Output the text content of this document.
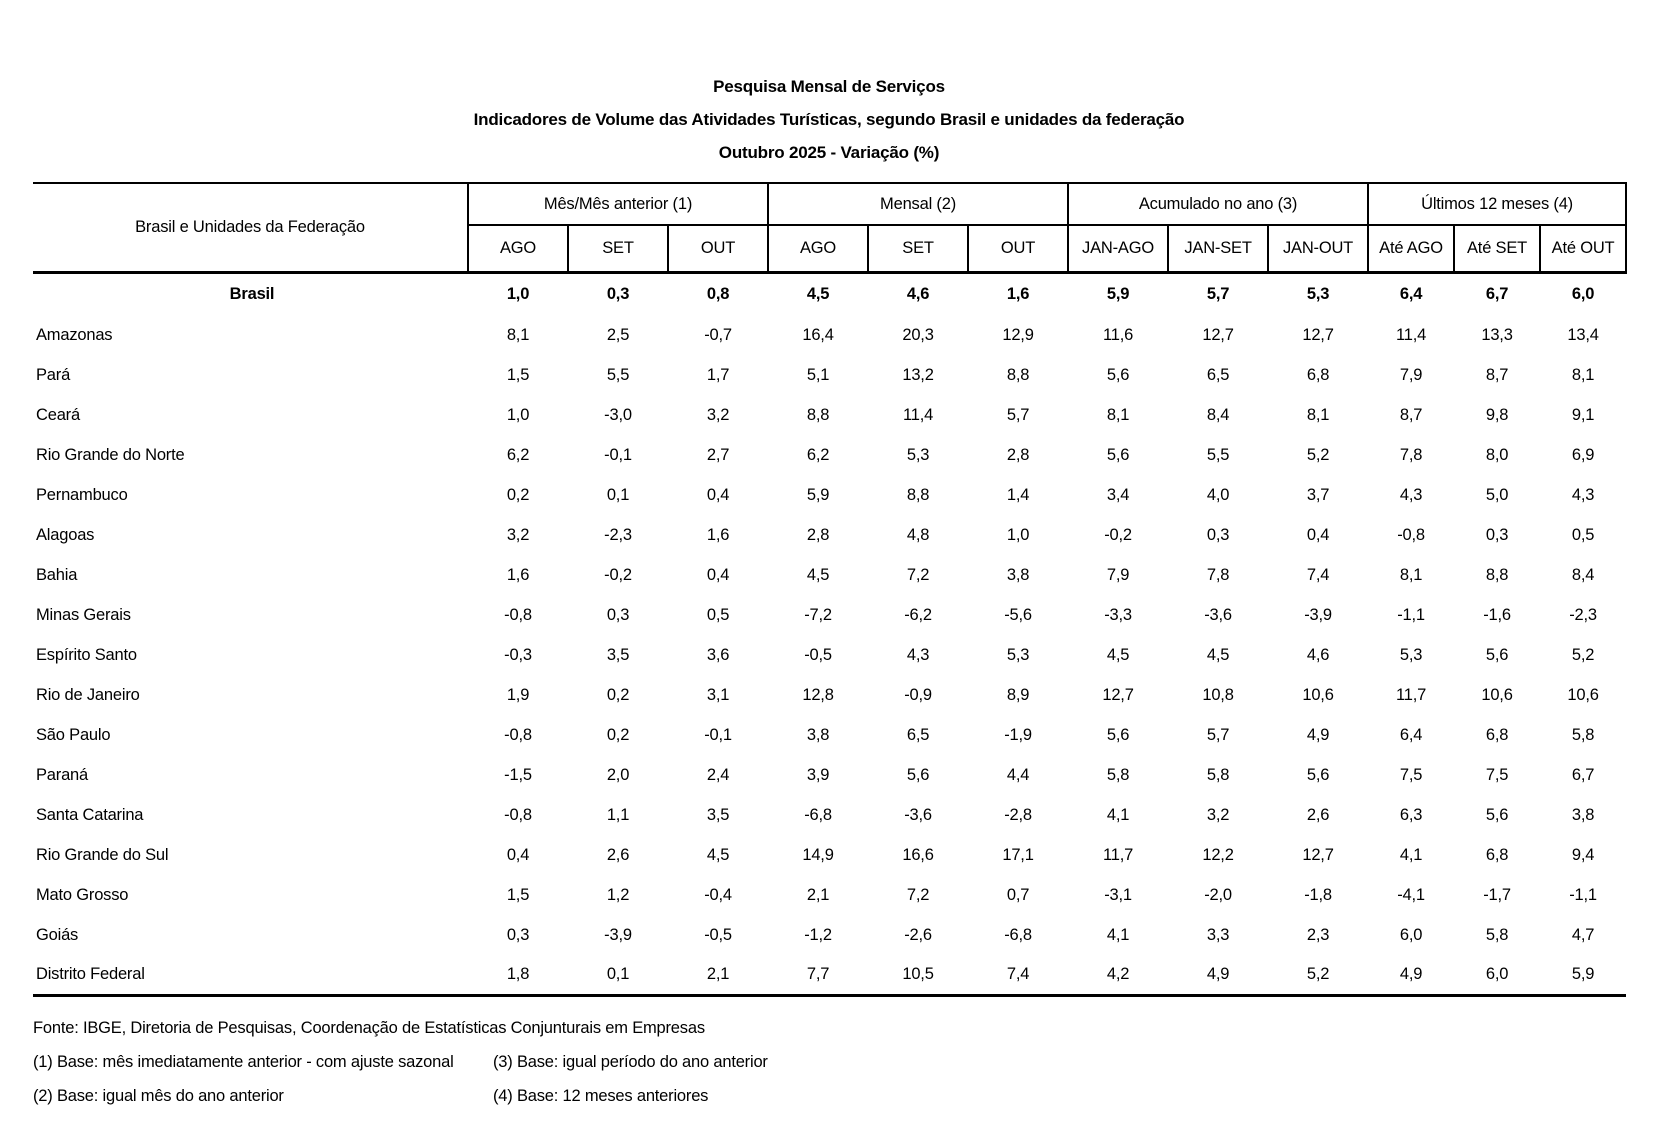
Pesquisa Mensal de Serviços
Indicadores de Volume das Atividades Turísticas, segundo Brasil e unidades da federação
Outubro 2025 - Variação (%)
Brasil e Unidades da Federação	Mês/Mês anterior (1)			Mensal (2)			Acumulado no ano (3)			Últimos 12 meses (4)		
	AGO	SET	OUT	AGO	SET	OUT	JAN-AGO	JAN-SET	JAN-OUT	Até AGO	Até SET	Até OUT
Brasil	1,0	0,3	0,8	4,5	4,6	1,6	5,9	5,7	5,3	6,4	6,7	6,0
Amazonas	8,1	2,5	-0,7	16,4	20,3	12,9	11,6	12,7	12,7	11,4	13,3	13,4
Pará	1,5	5,5	1,7	5,1	13,2	8,8	5,6	6,5	6,8	7,9	8,7	8,1
Ceará	1,0	-3,0	3,2	8,8	11,4	5,7	8,1	8,4	8,1	8,7	9,8	9,1
Rio Grande do Norte	6,2	-0,1	2,7	6,2	5,3	2,8	5,6	5,5	5,2	7,8	8,0	6,9
Pernambuco	0,2	0,1	0,4	5,9	8,8	1,4	3,4	4,0	3,7	4,3	5,0	4,3
Alagoas	3,2	-2,3	1,6	2,8	4,8	1,0	-0,2	0,3	0,4	-0,8	0,3	0,5
Bahia	1,6	-0,2	0,4	4,5	7,2	3,8	7,9	7,8	7,4	8,1	8,8	8,4
Minas Gerais	-0,8	0,3	0,5	-7,2	-6,2	-5,6	-3,3	-3,6	-3,9	-1,1	-1,6	-2,3
Espírito Santo	-0,3	3,5	3,6	-0,5	4,3	5,3	4,5	4,5	4,6	5,3	5,6	5,2
Rio de Janeiro	1,9	0,2	3,1	12,8	-0,9	8,9	12,7	10,8	10,6	11,7	10,6	10,6
São Paulo	-0,8	0,2	-0,1	3,8	6,5	-1,9	5,6	5,7	4,9	6,4	6,8	5,8
Paraná	-1,5	2,0	2,4	3,9	5,6	4,4	5,8	5,8	5,6	7,5	7,5	6,7
Santa Catarina	-0,8	1,1	3,5	-6,8	-3,6	-2,8	4,1	3,2	2,6	6,3	5,6	3,8
Rio Grande do Sul	0,4	2,6	4,5	14,9	16,6	17,1	11,7	12,2	12,7	4,1	6,8	9,4
Mato Grosso	1,5	1,2	-0,4	2,1	7,2	0,7	-3,1	-2,0	-1,8	-4,1	-1,7	-1,1
Goiás	0,3	-3,9	-0,5	-1,2	-2,6	-6,8	4,1	3,3	2,3	6,0	5,8	4,7
Distrito Federal	1,8	0,1	2,1	7,7	10,5	7,4	4,2	4,9	5,2	4,9	6,0	5,9
Fonte: IBGE, Diretoria de Pesquisas, Coordenação de Estatísticas Conjunturais em Empresas
(1) Base: mês imediatamente anterior - com ajuste sazonal	(3) Base: igual período do ano anterior
(2) Base: igual mês do ano anterior	(4) Base: 12 meses anteriores
